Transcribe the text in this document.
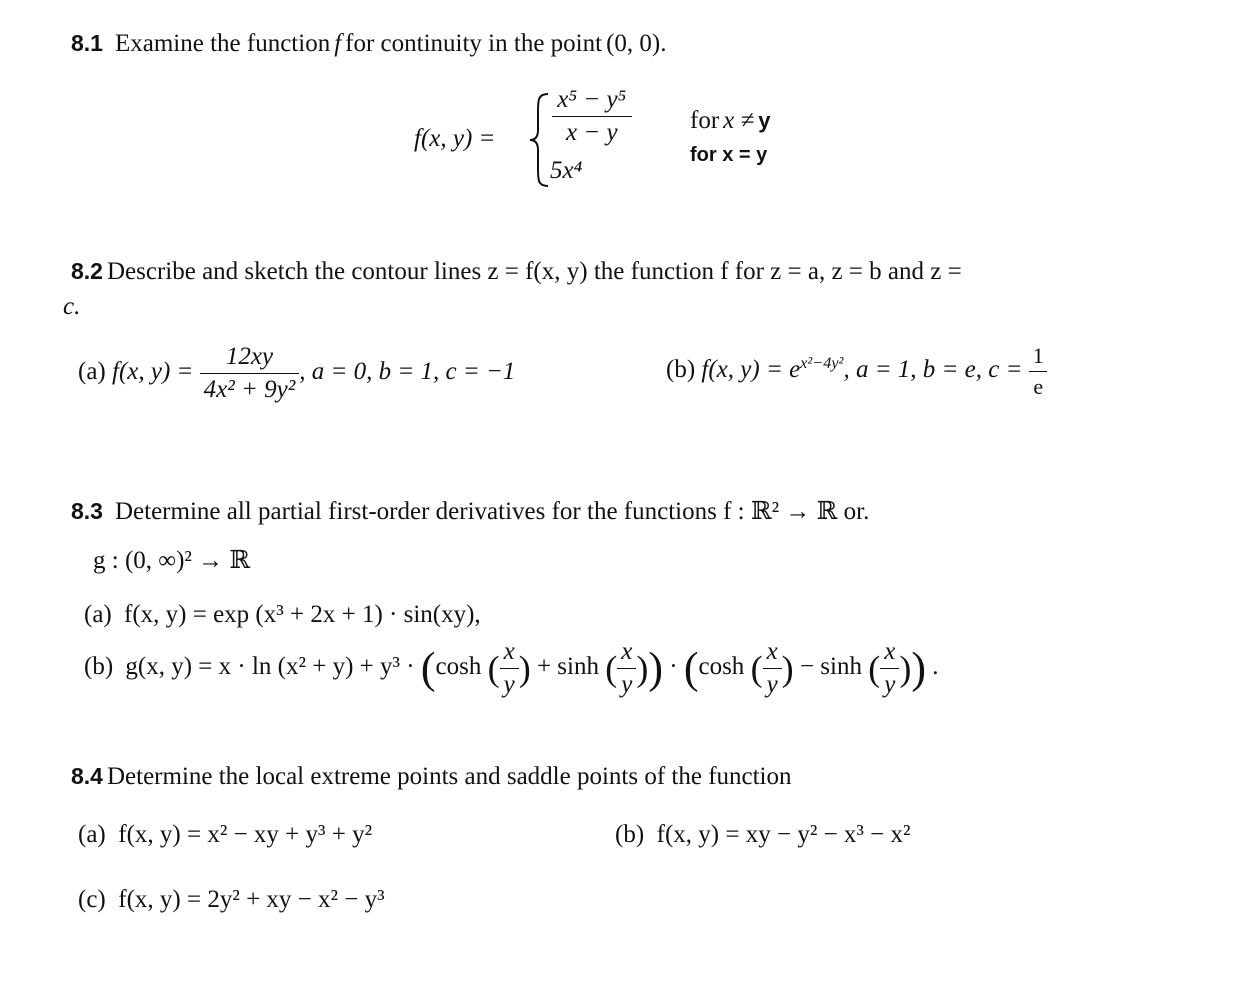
8.1 Examine the function f for continuity in the point (0, 0).
f(x, $y) = \frac{\text{x⁵ − y⁵}}{x - y}$
5x⁴
for x ≠ y
for x = y
8.2 Describe and sketch the contour lines z = f(x, y) the function f for z = a, z = b and z =
c.
(a) f(x, $y) = \frac{12xy}{\text{4x² + 9y²}}$ , a = 0, b = 1, c = −1	(b) f(x, $y) = e^{x^2-4y^2}$, a = 1, b = e, $c = \frac{1}{e}$
8.3 Determine all partial first-order derivatives for the functions f : ℝ² → ℝ or.
g : (0, ∞)² → ℝ
(a) f(x, y) = exp (x³ + 2x + 1) · sin(xy),
(b) g(x, y) = x · ln (x² + y) + y³ · (cosh ( $\frac{x}{y}$ ) + sinh ( $\frac{x}{y}$ )) · (cosh ( $\frac{x}{y}$ ) − sinh ( $\frac{x}{y}$ )) .
8.4 Determine the local extreme points and saddle points of the function
(a)  f(x, y) = x² − xy + y³ + y²	(b)  f(x, y) = xy − y² − x³ − x²
(c)  f(x, y) = 2y² + xy − x² − y³
